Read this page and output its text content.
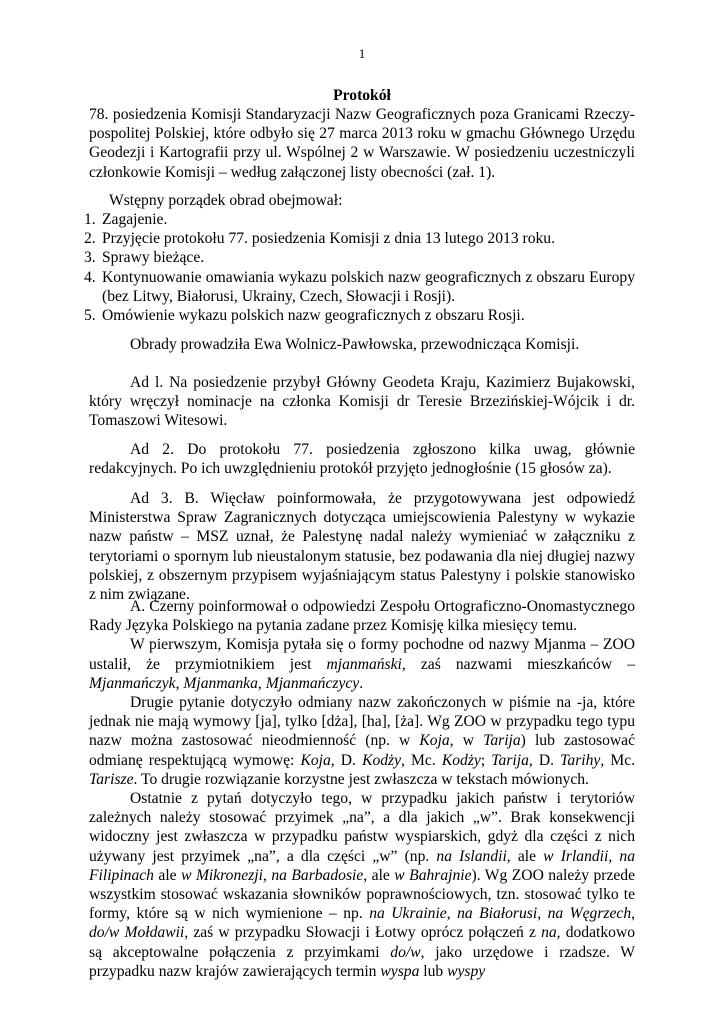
1
Protokół

78. posiedzenia Komisji Standaryzacji Nazw Geograficznych poza Granicami Rzeczypospolitej Polskiej, które odbyło się 27 marca 2013 roku w gmachu Głównego Urzędu Geodezji i Kartografii przy ul. Wspólnej 2 w Warszawie. W posiedzeniu uczestniczyli członkowie Komisji – według załączonej listy obecności (zał. 1).

Wstępny porządek obrad obejmował:

1. Zagajenie.
2. Przyjęcie protokołu 77. posiedzenia Komisji z dnia 13 lutego 2013 roku.
3. Sprawy bieżące.
4. Kontynuowanie omawiania wykazu polskich nazw geograficznych z obszaru Europy (bez Litwy, Białorusi, Ukrainy, Czech, Słowacji i Rosji).
5. Omówienie wykazu polskich nazw geograficznych z obszaru Rosji.

Obrady prowadziła Ewa Wolnicz-Pawłowska, przewodnicząca Komisji.

Ad l. Na posiedzenie przybył Główny Geodeta Kraju, Kazimierz Bujakowski, który wręczył nominacje na członka Komisji dr Teresie Brzezińskiej-Wójcik i dr. Tomaszowi Witesowi.

Ad 2. Do protokołu 77. posiedzenia zgłoszono kilka uwag, głównie redakcyjnych. Po ich uwzględnieniu protokół przyjęto jednogłośnie (15 głosów za).

Ad 3. B. Więcław poinformowała, że przygotowywana jest odpowiedź Ministerstwa Spraw Zagranicznych dotycząca umiejscowienia Palestyny w wykazie nazw państw – MSZ uznał, że Palestynę nadal należy wymieniać w załączniku z terytoriami o spornym lub nieustalonym statusie, bez podawania dla niej długiej nazwy polskiej, z obszernym przypisem wyjaśniającym status Palestyny i polskie stanowisko z nim związane.

A. Czerny poinformował o odpowiedzi Zespołu Ortograficzno-Onomastycznego Rady Języka Polskiego na pytania zadane przez Komisję kilka miesięcy temu.

W pierwszym, Komisja pytała się o formy pochodne od nazwy Mjanma – ZOO ustalił, że przymiotnikiem jest mjanmański, zaś nazwami mieszkańców – Mjanmańczyk, Mjanmanka, Mjanmańczycy.

Drugie pytanie dotyczyło odmiany nazw zakończonych w piśmie na -ja, które jednak nie mają wymowy [ja], tylko [dża], [ha], [ża]. Wg ZOO w przypadku tego typu nazw można zastosować nieodmienność (np. w Koja, w Tarija) lub zastosować odmianę respektującą wymowę: Koja, D. Kodży, Mc. Kodży; Tarija, D. Tarihy, Mc. Tarisze. To drugie rozwiązanie korzystne jest zwłaszcza w tekstach mówionych.

Ostatnie z pytań dotyczyło tego, w przypadku jakich państw i terytoriów zależnych należy stosować przyimek „na”, a dla jakich „w”. Brak konsekwencji widoczny jest zwłaszcza w przypadku państw wyspiarskich, gdyż dla części z nich używany jest przyimek „na”, a dla części „w” (np. na Islandii, ale w Irlandii, na Filipinach ale w Mikronezji, na Barbadosie, ale w Bahrajnie). Wg ZOO należy przede wszystkim stosować wskazania słowników poprawnościowych, tzn. stosować tylko te formy, które są w nich wymienione – np. na Ukrainie, na Białorusi, na Węgrzech, do/w Mołdawii, zaś w przypadku Słowacji i Łotwy oprócz połączeń z na, dodatkowo są akceptowalne połączenia z przyimkami do/w, jako urzędowe i rzadsze. W przypadku nazw krajów zawierających termin wyspa lub wyspy
